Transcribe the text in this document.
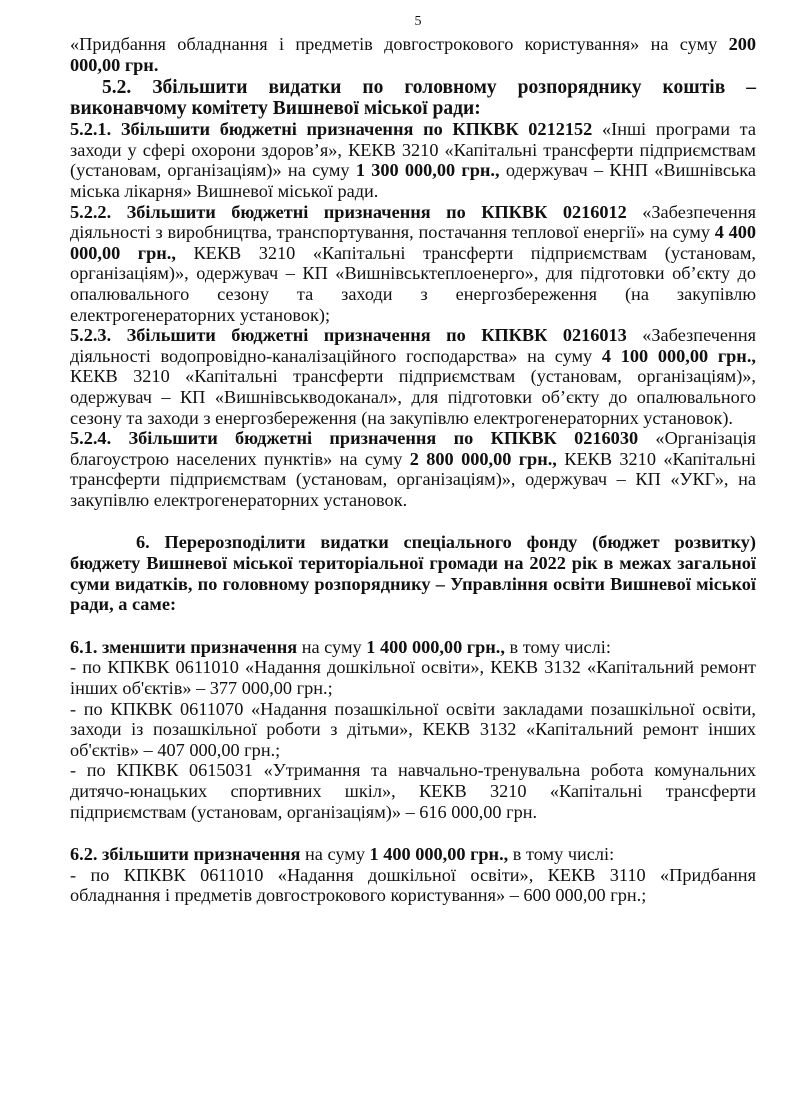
5

«Придбання обладнання і предметів довгострокового користування» на суму 200 000,00 грн.

5.2. Збільшити видатки по головному розпоряднику коштів – виконавчому комітету Вишневої міської ради:

5.2.1. Збільшити бюджетні призначення по КПКВК 0212152 «Інші програми та заходи у сфері охорони здоров’я», КЕКВ 3210 «Капітальні трансферти підприємствам (установам, організаціям)» на суму 1 300 000,00 грн., одержувач – КНП «Вишнівська міська лікарня» Вишневої міської ради.

5.2.2. Збільшити бюджетні призначення по КПКВК 0216012 «Забезпечення діяльності з виробництва, транспортування, постачання теплової енергії» на суму 4 400 000,00 грн., КЕКВ 3210 «Капітальні трансферти підприємствам (установам, організаціям)», одержувач – КП «Вишнівськтеплоенерго», для підготовки об’єкту до опалювального сезону та заходи з енергозбереження (на закупівлю електрогенераторних установок);

5.2.3. Збільшити бюджетні призначення по КПКВК 0216013 «Забезпечення діяльності водопровідно-каналізаційного господарства» на суму 4 100 000,00 грн., КЕКВ 3210 «Капітальні трансферти підприємствам (установам, організаціям)», одержувач – КП «Вишнівськводоканал», для підготовки об’єкту до опалювального сезону та заходи з енергозбереження (на закупівлю електрогенераторних установок).

5.2.4. Збільшити бюджетні призначення по КПКВК 0216030 «Організація благоустрою населених пунктів» на суму 2 800 000,00 грн., КЕКВ 3210 «Капітальні трансферти підприємствам (установам, організаціям)», одержувач – КП «УКГ», на закупівлю електрогенераторних установок.

6. Перерозподілити видатки спеціального фонду (бюджет розвитку) бюджету Вишневої міської територіальної громади на 2022 рік в межах загальної суми видатків, по головному розпоряднику – Управління освіти Вишневої міської ради, а саме:

6.1. зменшити призначення на суму 1 400 000,00 грн., в тому числі:

- по КПКВК 0611010 «Надання дошкільної освіти», КЕКВ 3132 «Капітальний ремонт інших об'єктів» – 377 000,00 грн.;

- по КПКВК 0611070 «Надання позашкільної освіти закладами позашкільної освіти, заходи із позашкільної роботи з дітьми», КЕКВ 3132 «Капітальний ремонт інших об'єктів» – 407 000,00 грн.;

- по КПКВК 0615031 «Утримання та навчально-тренувальна робота комунальних дитячо-юнацьких спортивних шкіл», КЕКВ 3210 «Капітальні трансферти підприємствам (установам, організаціям)» – 616 000,00 грн.

6.2. збільшити призначення на суму 1 400 000,00 грн., в тому числі:

- по КПКВК 0611010 «Надання дошкільної освіти», КЕКВ 3110 «Придбання обладнання і предметів довгострокового користування» – 600 000,00 грн.;
